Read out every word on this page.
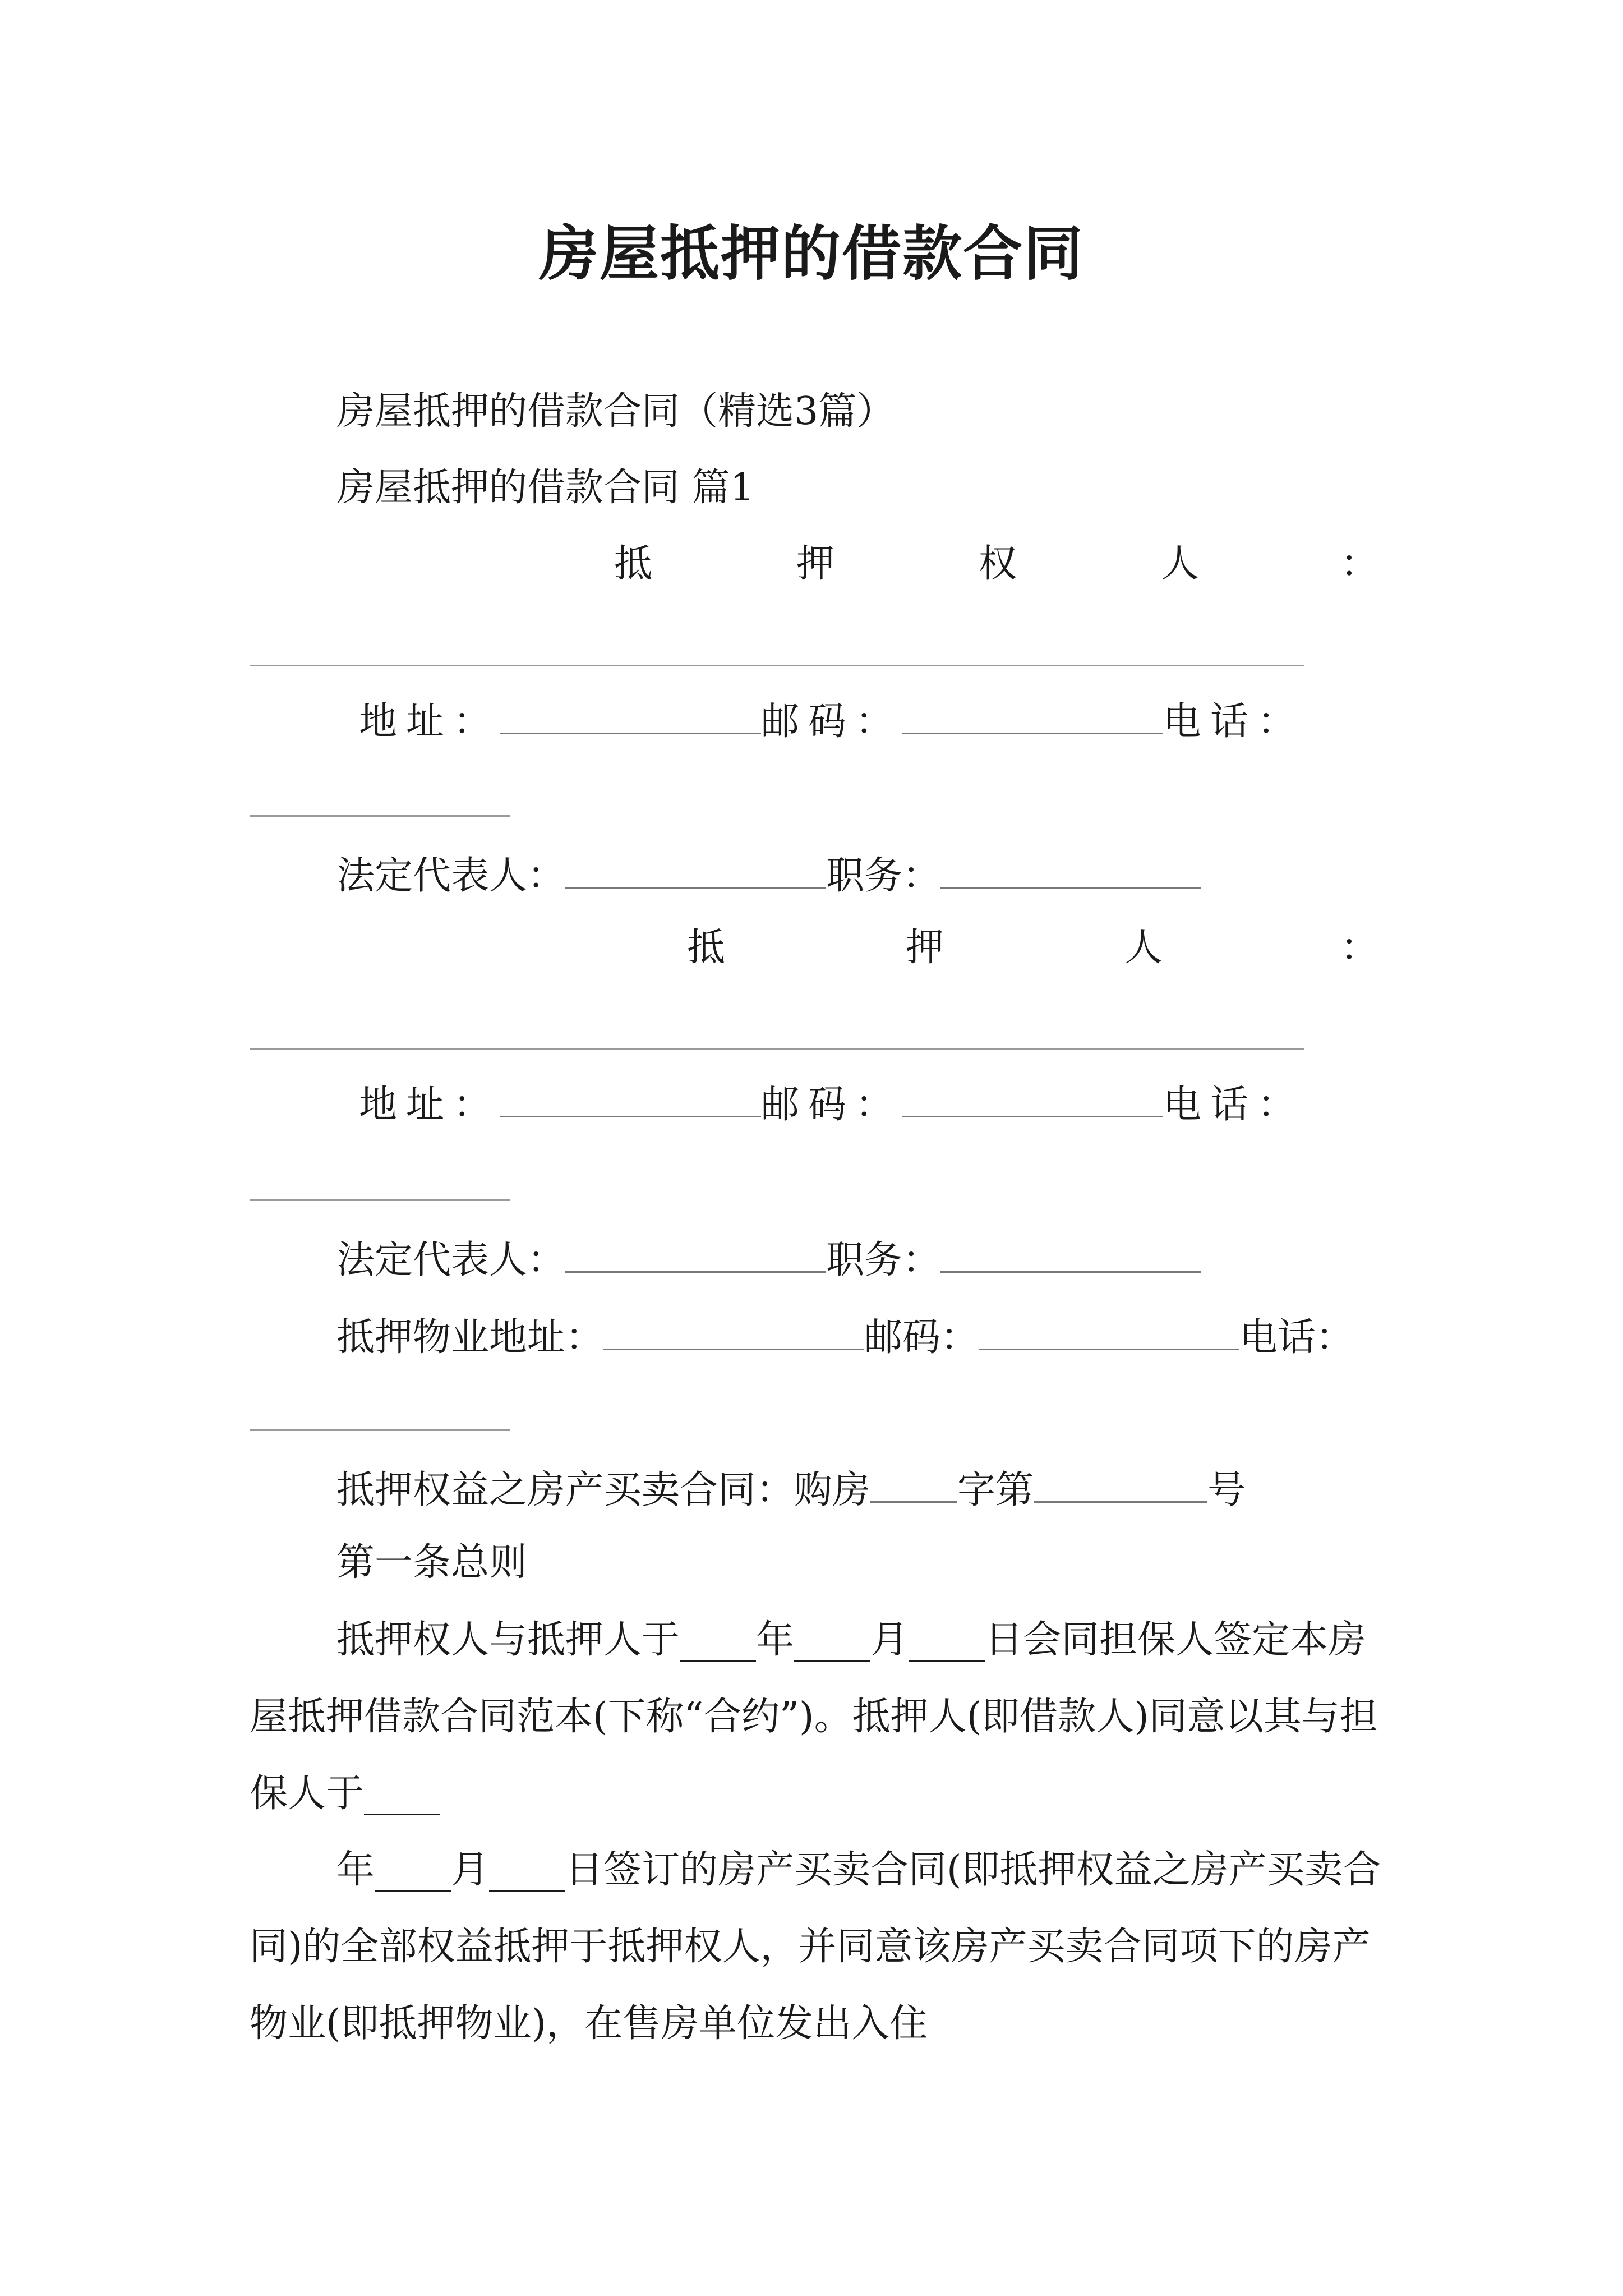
房屋抵押的借款合同
房屋抵押的借款合同（精选3篇）
房屋抵押的借款合同 篇1
抵	押	权	人	：
地址：	邮码：	电话：
法定代表人：	职务：
抵	押	人	：
地址：	邮码：	电话：
法定代表人：	职务：
抵押物业地址：	邮码：	电话：
抵押权益之房产买卖合同：购房 字第	号
第一条总则

抵押权人与抵押人于____年____月____日会同担保人签定本房屋抵押借款合同范本(下称“合约”)。抵押人(即借款人)同意以其与担保人于____

年____月____日签订的房产买卖合同(即抵押权益之房产买卖合同)的全部权益抵押于抵押权人，并同意该房产买卖合同项下的房产物业(即抵押物业)，在售房单位发出入住
